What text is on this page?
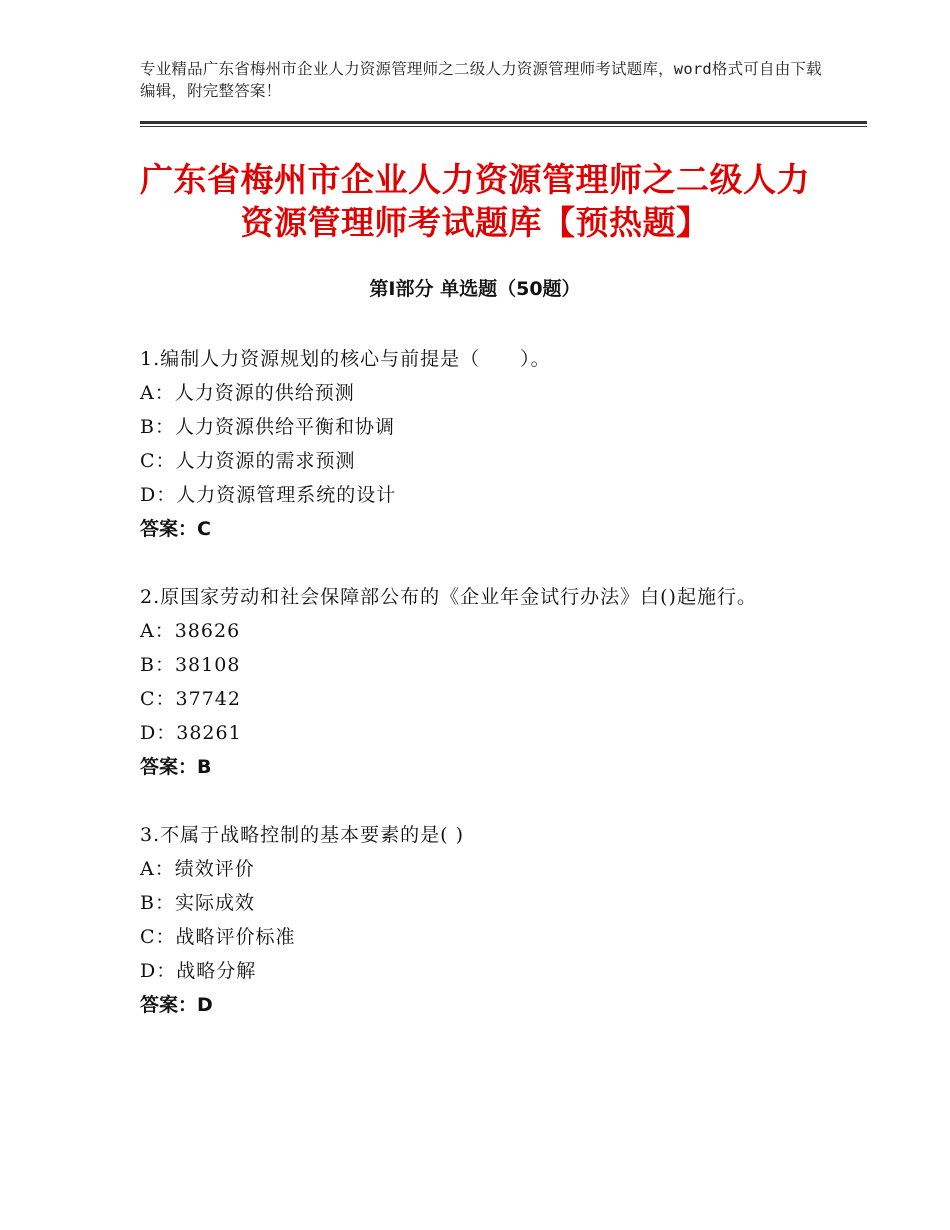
专业精品广东省梅州市企业人力资源管理师之二级人力资源管理师考试题库，word格式可自由下载编辑，附完整答案！
广东省梅州市企业人力资源管理师之二级人力资源管理师考试题库【预热题】
第Ⅰ部分 单选题（50题）
1.编制人力资源规划的核心与前提是（　　）。
A：人力资源的供给预测
B：人力资源供给平衡和协调
C：人力资源的需求预测
D：人力资源管理系统的设计
答案：C
2.原国家劳动和社会保障部公布的《企业年金试行办法》白()起施行。
A：38626
B：38108
C：37742
D：38261
答案：B
3.不属于战略控制的基本要素的是( )
A：绩效评价
B：实际成效
C：战略评价标准
D：战略分解
答案：D
